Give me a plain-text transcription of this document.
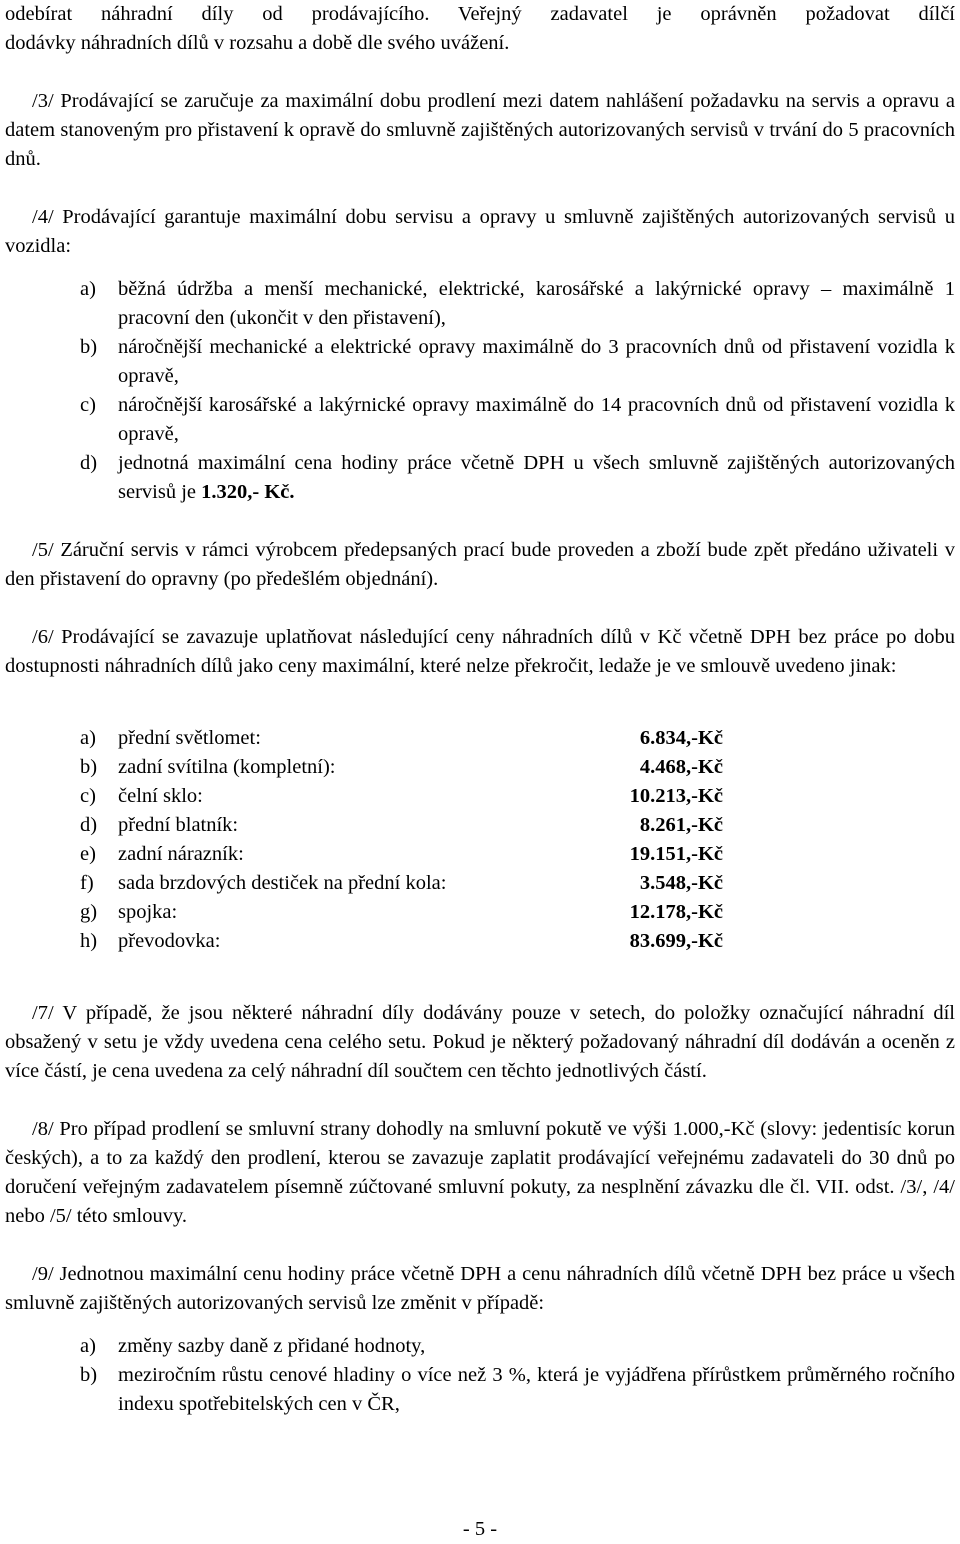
odebírat náhradní díly od prodávajícího. Veřejný zadavatel je oprávněn požadovat dílčí
dodávky náhradních dílů v rozsahu a době dle svého uvážení.
/3/ Prodávající se zaručuje za maximální dobu prodlení mezi datem nahlášení požadavku na servis a opravu a datem stanoveným pro přistavení k opravě do smluvně zajištěných autorizovaných servisů v trvání do 5 pracovních dnů.
/4/ Prodávající garantuje maximální dobu servisu a opravy u smluvně zajištěných autorizovaných servisů u vozidla:
a) běžná údržba a menší mechanické, elektrické, karosářské a lakýrnické opravy – maximálně 1 pracovní den (ukončit v den přistavení),
b) náročnější mechanické a elektrické opravy maximálně do 3 pracovních dnů od přistavení vozidla k opravě,
c) náročnější karosářské a lakýrnické opravy maximálně do 14 pracovních dnů od přistavení vozidla k opravě,
d) jednotná maximální cena hodiny práce včetně DPH u všech smluvně zajištěných autorizovaných servisů je 1.320,- Kč.
/5/ Záruční servis v rámci výrobcem předepsaných prací bude proveden a zboží bude zpět předáno uživateli v den přistavení do opravny (po předešlém objednání).
/6/ Prodávající se zavazuje uplatňovat následující ceny náhradních dílů v Kč včetně DPH bez práce po dobu dostupnosti náhradních dílů jako ceny maximální, které nelze překročit, ledaže je ve smlouvě uvedeno jinak:
a) přední světlomet:	6.834,-Kč
b) zadní svítilna (kompletní):	4.468,-Kč
c) čelní sklo:	10.213,-Kč
d) přední blatník:	8.261,-Kč
e) zadní nárazník:	19.151,-Kč
f) sada brzdových destiček na přední kola:	3.548,-Kč
g) spojka:	12.178,-Kč
h) převodovka:	83.699,-Kč
/7/ V případě, že jsou některé náhradní díly dodávány pouze v setech, do položky označující náhradní díl obsažený v setu je vždy uvedena cena celého setu. Pokud je některý požadovaný náhradní díl dodáván a oceněn z více částí, je cena uvedena za celý náhradní díl součtem cen těchto jednotlivých částí.
/8/ Pro případ prodlení se smluvní strany dohodly na smluvní pokutě ve výši 1.000,-Kč (slovy: jedentisíc korun českých), a to za každý den prodlení, kterou se zavazuje zaplatit prodávající veřejnému zadavateli do 30 dnů po doručení veřejným zadavatelem písemně zúčtované smluvní pokuty, za nesplnění závazku dle čl. VII. odst. /3/, /4/ nebo /5/ této smlouvy.
/9/ Jednotnou maximální cenu hodiny práce včetně DPH a cenu náhradních dílů včetně DPH bez práce u všech smluvně zajištěných autorizovaných servisů lze změnit v případě:
a) změny sazby daně z přidané hodnoty,
b) meziročním růstu cenové hladiny o více než 3 %, která je vyjádřena přírůstkem průměrného ročního indexu spotřebitelských cen v ČR,
- 5 -
